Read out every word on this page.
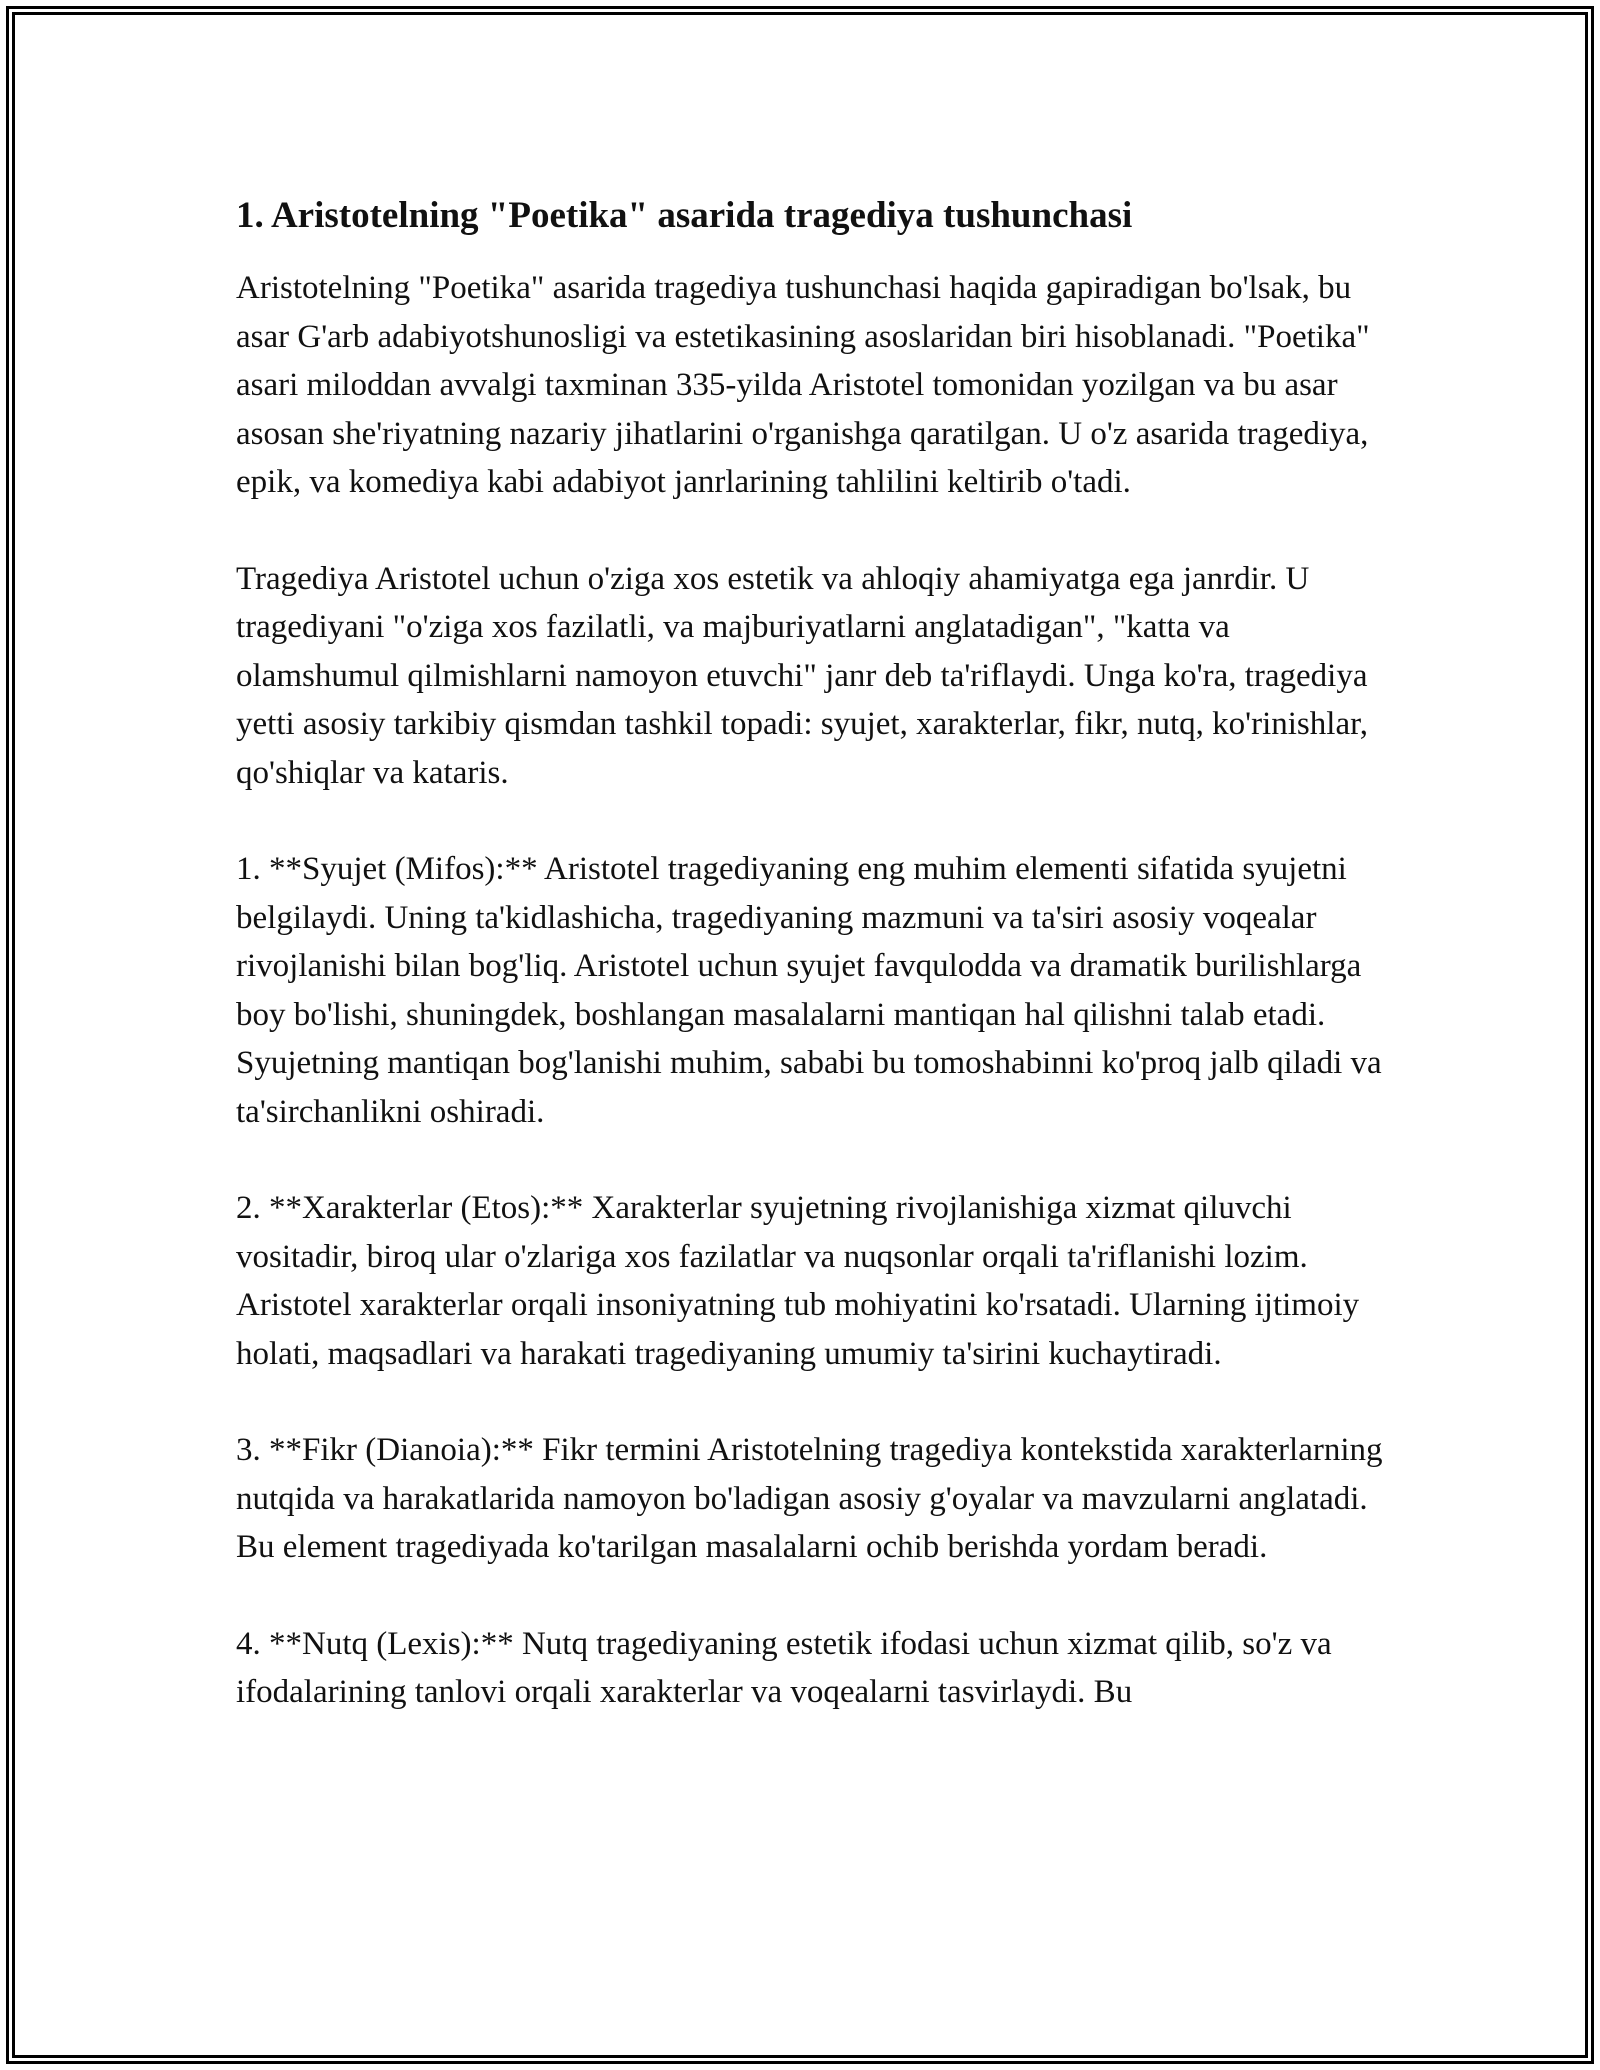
1. Aristotelning "Poetika" asarida tragediya tushunchasi

Aristotelning "Poetika" asarida tragediya tushunchasi haqida gapiradigan bo'lsak, bu asar G'arb adabiyotshunosligi va estetikasining asoslaridan biri hisoblanadi. "Poetika" asari miloddan avvalgi taxminan 335-yilda Aristotel tomonidan yozilgan va bu asar asosan she'riyatning nazariy jihatlarini o'rganishga qaratilgan. U o'z asarida tragediya, epik, va komediya kabi adabiyot janrlarining tahlilini keltirib o'tadi.

Tragediya Aristotel uchun o'ziga xos estetik va ahloqiy ahamiyatga ega janrdir. U tragediyani "o'ziga xos fazilatli, va majburiyatlarni anglatadigan", "katta va olamshumul qilmishlarni namoyon etuvchi" janr deb ta'riflaydi. Unga ko'ra, tragediya yetti asosiy tarkibiy qismdan tashkil topadi: syujet, xarakterlar, fikr, nutq, ko'rinishlar, qo'shiqlar va kataris.

1. **Syujet (Mifos):** Aristotel tragediyaning eng muhim elementi sifatida syujetni belgilaydi. Uning ta'kidlashicha, tragediyaning mazmuni va ta'siri asosiy voqealar rivojlanishi bilan bog'liq. Aristotel uchun syujet favqulodda va dramatik burilishlarga boy bo'lishi, shuningdek, boshlangan masalalarni mantiqan hal qilishni talab etadi. Syujetning mantiqan bog'lanishi muhim, sababi bu tomoshabinni ko'proq jalb qiladi va ta'sirchanlikni oshiradi.

2. **Xarakterlar (Etos):** Xarakterlar syujetning rivojlanishiga xizmat qiluvchi vositadir, biroq ular o'zlariga xos fazilatlar va nuqsonlar orqali ta'riflanishi lozim. Aristotel xarakterlar orqali insoniyatning tub mohiyatini ko'rsatadi. Ularning ijtimoiy holati, maqsadlari va harakati tragediyaning umumiy ta'sirini kuchaytiradi.

3. **Fikr (Dianoia):** Fikr termini Aristotelning tragediya kontekstida xarakterlarning nutqida va harakatlarida namoyon bo'ladigan asosiy g'oyalar va mavzularni anglatadi. Bu element tragediyada ko'tarilgan masalalarni ochib berishda yordam beradi.

4. **Nutq (Lexis):** Nutq tragediyaning estetik ifodasi uchun xizmat qilib, so'z va ifodalarining tanlovi orqali xarakterlar va voqealarni tasvirlaydi. Bu
